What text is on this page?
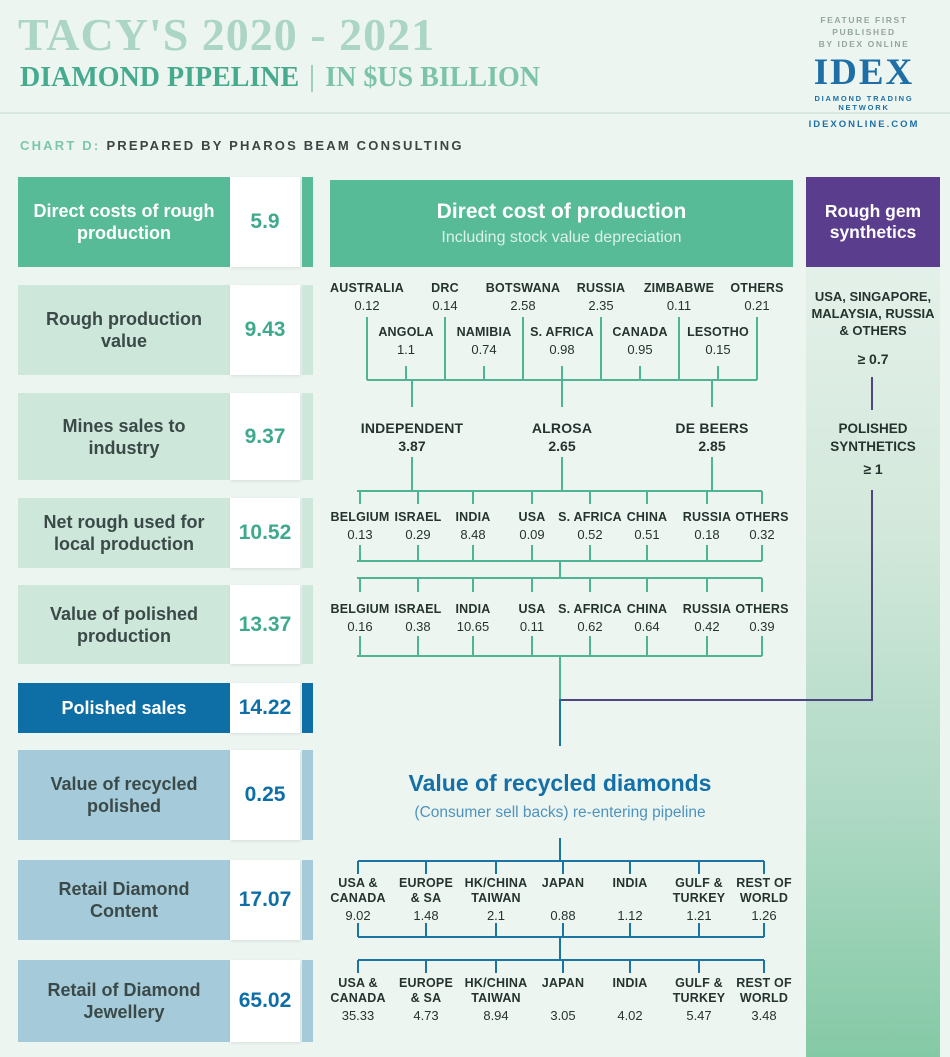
TACY'S 2020 - 2021
DIAMOND PIPELINE IN $US BILLION
FEATURE FIRST PUBLISHED
BY IDEX ONLINE
IDEX
DIAMOND TRADING NETWORK
IDEXONLINE.COM
CHART D: PREPARED BY PHAROS BEAM CONSULTING
Rough gem synthetics
USA, SINGAPORE, MALAYSIA, RUSSIA & OTHERS
≥ 0.7
POLISHED SYNTHETICS
≥ 1
Direct cost of production
Including stock value depreciation
Value of recycled diamonds
(Consumer sell backs) re-entering pipeline
Direct costs of rough production	5.9
Rough production value	9.43
Mines sales to industry	9.37
Net rough used for local production	10.52
Value of polished production	13.37
Polished sales	14.22
Value of recycled polished	0.25
Retail Diamond Content	17.07
Retail of Diamond Jewellery	65.02
AUSTRALIA
0.12
DRC
0.14
BOTSWANA
2.58
RUSSIA
2.35
ZIMBABWE
0.11
OTHERS
0.21
ANGOLA
1.1
NAMIBIA
0.74
S. AFRICA
0.98
CANADA
0.95
LESOTHO
0.15
INDEPENDENT
3.87
ALROSA
2.65
DE BEERS
2.85
BELGIUM
0.13
ISRAEL
0.29
INDIA
8.48
USA
0.09
S. AFRICA
0.52
CHINA
0.51
RUSSIA
0.18
OTHERS
0.32
BELGIUM
0.16
ISRAEL
0.38
INDIA
10.65
USA
0.11
S. AFRICA
0.62
CHINA
0.64
RUSSIA
0.42
OTHERS
0.39
USA &
CANADA
9.02
EUROPE
& SA
1.48
HK/CHINA
TAIWAN
2.1
JAPAN
0.88
INDIA
1.12
GULF &
TURKEY
1.21
REST OF
WORLD
1.26
USA &
CANADA
35.33
EUROPE
& SA
4.73
HK/CHINA
TAIWAN
8.94
JAPAN
3.05
INDIA
4.02
GULF &
TURKEY
5.47
REST OF
WORLD
3.48
